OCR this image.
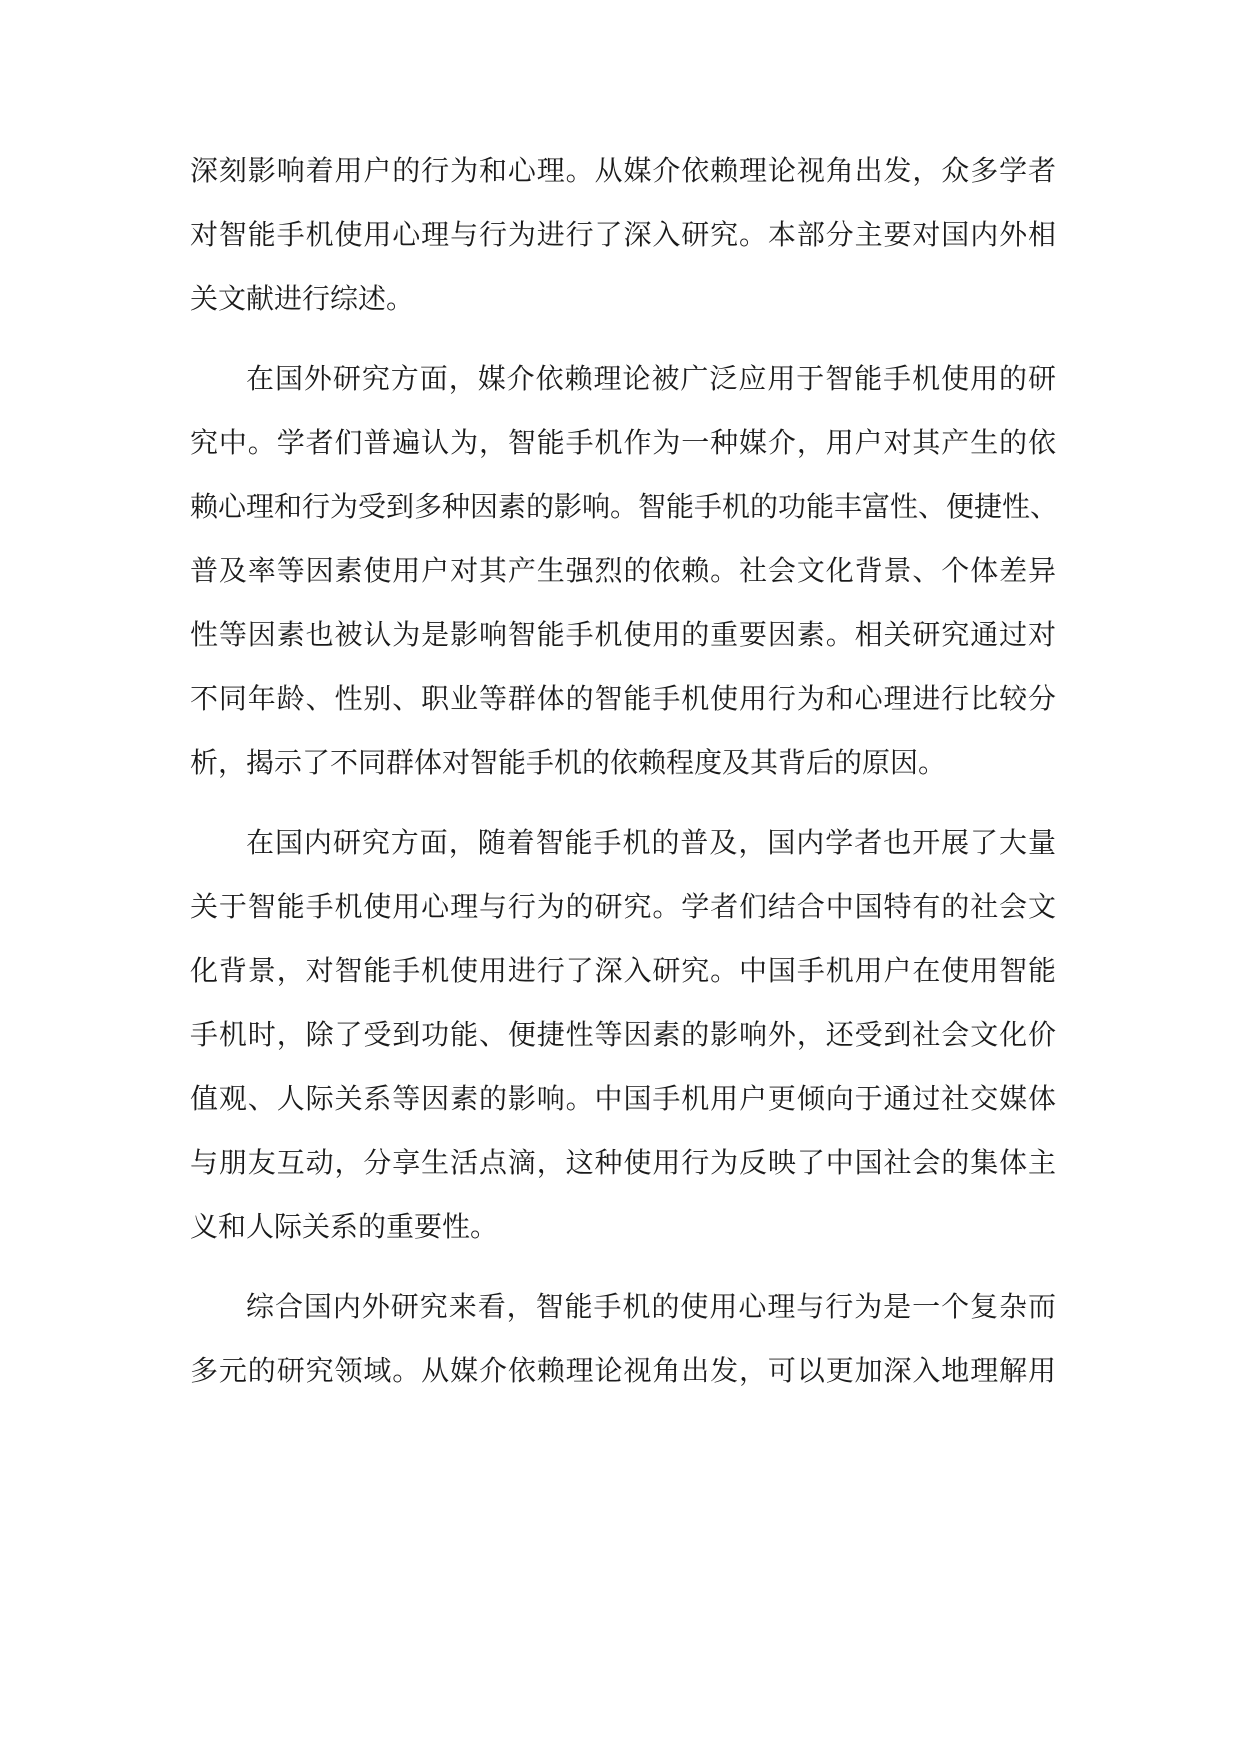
深刻影响着用户的行为和心理。从媒介依赖理论视角出发，众多学者
对智能手机使用心理与行为进行了深入研究。本部分主要对国内外相
关文献进行综述。
在国外研究方面，媒介依赖理论被广泛应用于智能手机使用的研
究中。学者们普遍认为，智能手机作为一种媒介，用户对其产生的依
赖心理和行为受到多种因素的影响。智能手机的功能丰富性、便捷性、
普及率等因素使用户对其产生强烈的依赖。社会文化背景、个体差异
性等因素也被认为是影响智能手机使用的重要因素。相关研究通过对
不同年龄、性别、职业等群体的智能手机使用行为和心理进行比较分
析，揭示了不同群体对智能手机的依赖程度及其背后的原因。
在国内研究方面，随着智能手机的普及，国内学者也开展了大量
关于智能手机使用心理与行为的研究。学者们结合中国特有的社会文
化背景，对智能手机使用进行了深入研究。中国手机用户在使用智能
手机时，除了受到功能、便捷性等因素的影响外，还受到社会文化价
值观、人际关系等因素的影响。中国手机用户更倾向于通过社交媒体
与朋友互动，分享生活点滴，这种使用行为反映了中国社会的集体主
义和人际关系的重要性。
综合国内外研究来看，智能手机的使用心理与行为是一个复杂而
多元的研究领域。从媒介依赖理论视角出发，可以更加深入地理解用
